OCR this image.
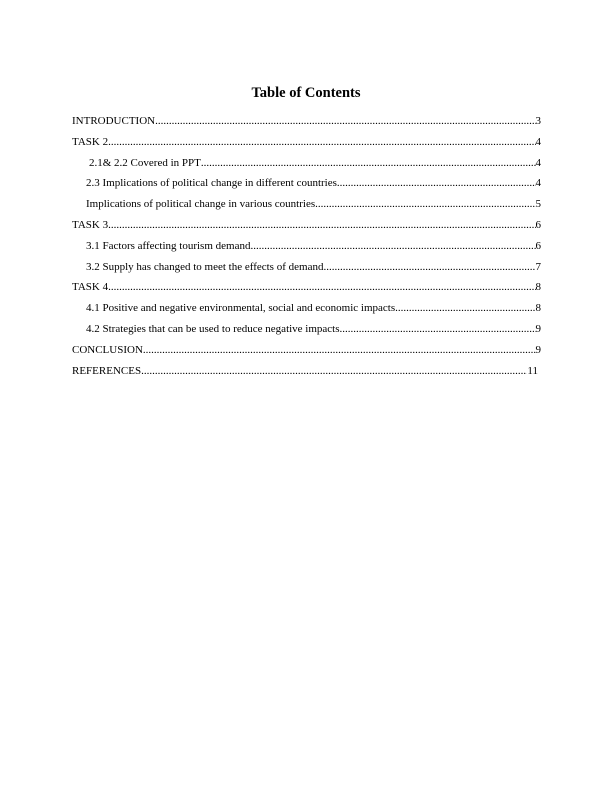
Table of Contents
INTRODUCTION .....	3
TASK 2 .....	4
2.1& 2.2 Covered in PPT .....	4
2.3 Implications of political change in different countries .....	4
Implications of political change in various countries .....	5
TASK 3 .....	6
3.1 Factors affecting tourism demand .....	6
3.2 Supply has changed to meet the effects of demand .....	7
TASK 4 .....	8
4.1 Positive and negative environmental, social and economic impacts .....	8
4.2 Strategies that can be used to reduce negative impacts .....	9
CONCLUSION .....	9
REFERENCES .....	11
